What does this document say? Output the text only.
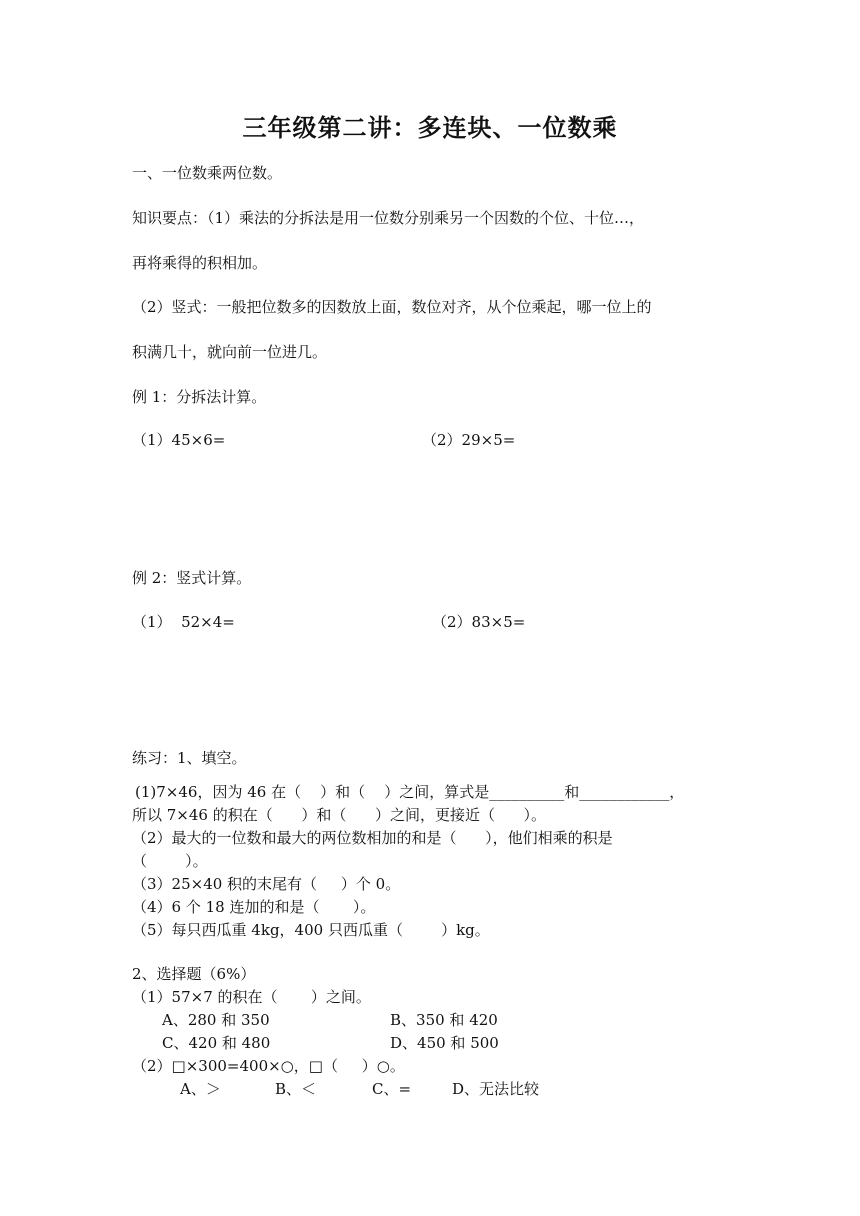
三年级第二讲：多连块、一位数乘
一、一位数乘两位数。
知识要点：（1）乘法的分拆法是用一位数分别乘另一个因数的个位、十位…，
再将乘得的积相加。
（2）竖式：一般把位数多的因数放上面，数位对齐，从个位乘起，哪一位上的
积满几十，就向前一位进几。
例 1：分拆法计算。
（1）45×6=	（2）29×5=
例 2：竖式计算。
（1）  52×4=	（2）83×5=
练习：1、填空。
(1)7×46，因为 46 在（    ）和（    ）之间，算式是__________和____________，
所以 7×46 的积在（      ）和（      ）之间，更接近（      ）。
（2）最大的一位数和最大的两位数相加的和是（      ），他们相乘的积是
（        ）。
（3）25×40 积的末尾有（     ）个 0。
（4）6 个 18 连加的和是（       ）。
（5）每只西瓜重 4kg，400 只西瓜重（        ）kg。
2、选择题（6%）
（1）57×7 的积在（       ）之间。
A、280 和 350	B、350 和 420
C、420 和 480	D、450 和 500
（2）□×300=400×○，□（     ）○。
A、＞	B、＜	C、=	D、无法比较
